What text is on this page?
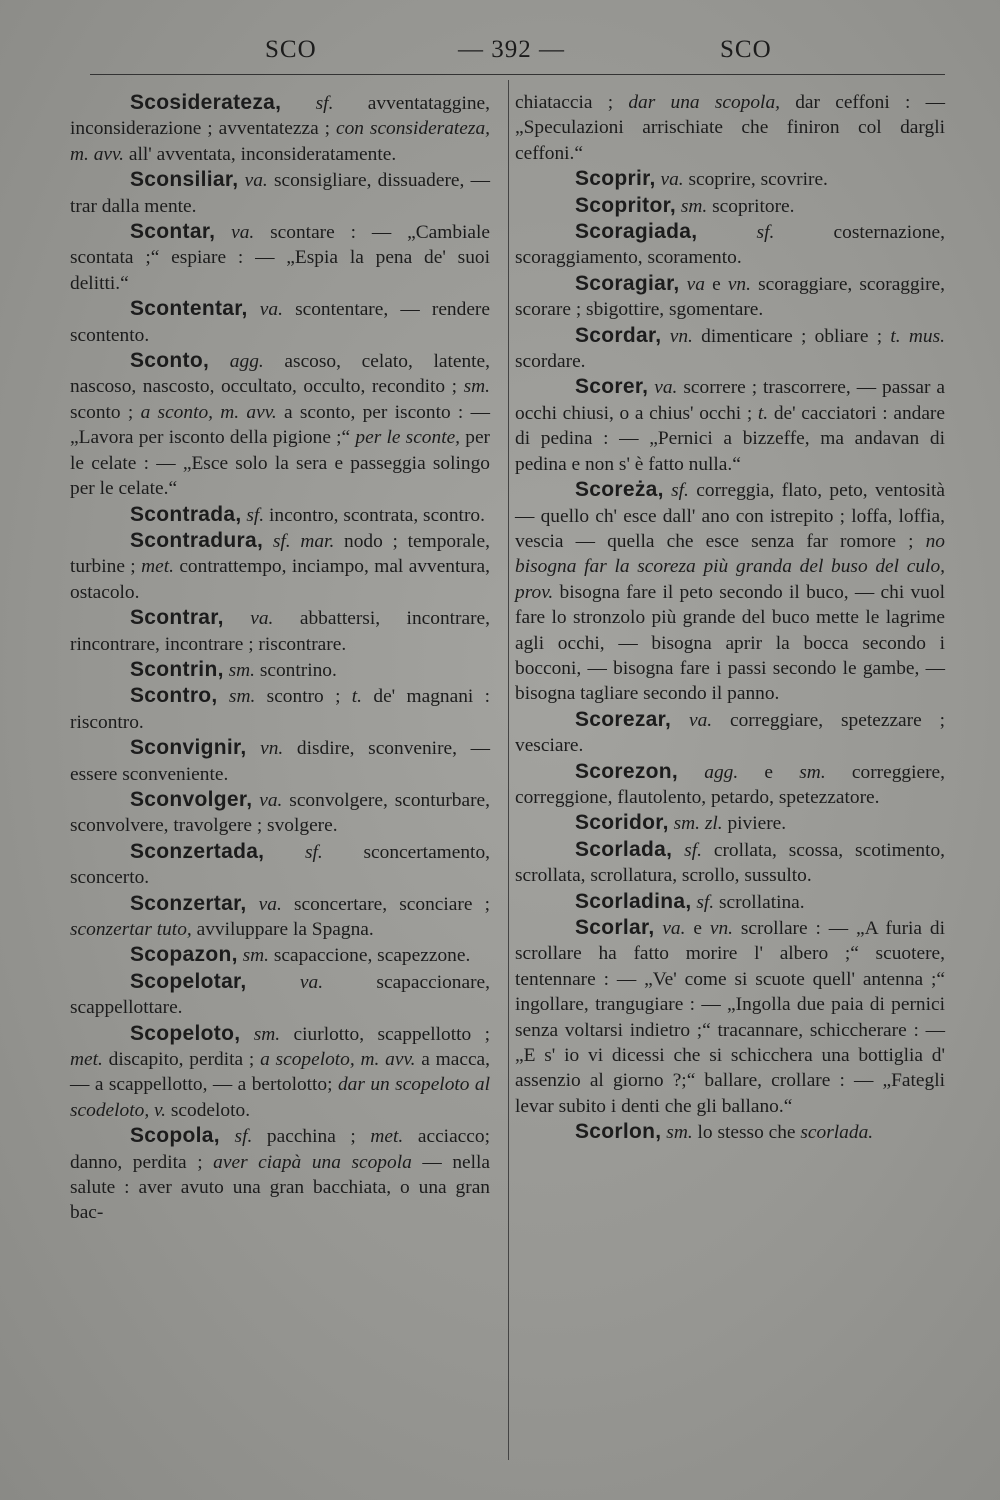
SCO	— 392 —	SCO

Scosiderateza, sf. avventataggine, inconsiderazione ; avventatezza ; con sconsiderateza, m. avv. all' avventata, inconsideratamente.

Sconsiliar, va. sconsigliare, dissuadere, — trar dalla mente.

Scontar, va. scontare : — „Cambiale scontata ;“ espiare : — „Espia la pena de' suoi delitti.“

Scontentar, va. scontentare, — rendere scontento.

Sconto, agg. ascoso, celato, latente, nascoso, nascosto, occultato, occulto, recondito ; sm. sconto ; a sconto, m. avv. a sconto, per isconto : — „Lavora per isconto della pigione ;“ per le sconte, per le celate : — „Esce solo la sera e passeggia solingo per le celate.“

Scontrada, sf. incontro, scontrata, scontro.

Scontradura, sf. mar. nodo ; temporale, turbine ; met. contrattempo, inciampo, mal avventura, ostacolo.

Scontrar, va. abbattersi, incontrare, rincontrare, incontrare ; riscontrare.

Scontrin, sm. scontrino.

Scontro, sm. scontro ; t. de' magnani : riscontro.

Sconvignir, vn. disdire, sconvenire, — essere sconveniente.

Sconvolger, va. sconvolgere, sconturbare, sconvolvere, travolgere ; svolgere.

Sconzertada, sf. sconcertamento, sconcerto.

Sconzertar, va. sconcertare, sconciare ; sconzertar tuto, avviluppare la Spagna.

Scopazon, sm. scapaccione, scapezzone.

Scopelotar, va. scapaccionare, scappellottare.

Scopeloto, sm. ciurlotto, scappellotto ; met. discapito, perdita ; a scopeloto, m. avv. a macca, — a scappellotto, — a bertolotto; dar un scopeloto al scodeloto, v. scodeloto.

Scopola, sf. pacchina ; met. acciacco; danno, perdita ; aver ciapà una scopola — nella salute : aver avuto una gran bacchiata, o una gran bac-

chiataccia ; dar una scopola, dar ceffoni : — „Speculazioni arrischiate che finiron col dargli ceffoni.“

Scoprir, va. scoprire, scovrire.

Scopritor, sm. scopritore.

Scoragiada, sf. costernazione, scoraggiamento, scoramento.

Scoragiar, va e vn. scoraggiare, scoraggire, scorare ; sbigottire, sgomentare.

Scordar, vn. dimenticare ; obliare ; t. mus. scordare.

Scorer, va. scorrere ; trascorrere, — passar a occhi chiusi, o a chius' occhi ; t. de' cacciatori : andare di pedina : — „Pernici a bizzeffe, ma andavan di pedina e non s' è fatto nulla.“

Scoreża, sf. correggia, flato, peto, ventosità — quello ch' esce dall' ano con istrepito ; loffa, loffia, vescia — quella che esce senza far romore ; no bisogna far la scoreza più granda del buso del culo, prov. bisogna fare il peto secondo il buco, — chi vuol fare lo stronzolo più grande del buco mette le lagrime agli occhi, — bisogna aprir la bocca secondo i bocconi, — bisogna fare i passi secondo le gambe, — bisogna tagliare secondo il panno.

Scorezar, va. correggiare, spetezzare ; vesciare.

Scorezon, agg. e sm. correggiere, correggione, flautolento, petardo, spetezzatore.

Scoridor, sm. zl. piviere.

Scorlada, sf. crollata, scossa, scotimento, scrollata, scrollatura, scrollo, sussulto.

Scorladina, sf. scrollatina.

Scorlar, va. e vn. scrollare : — „A furia di scrollare ha fatto morire l' albero ;“ scuotere, tentennare : — „Ve' come si scuote quell' antenna ;“ ingollare, trangugiare : — „Ingolla due paia di pernici senza voltarsi indietro ;“ tracannare, schiccherare : — „E s' io vi dicessi che si schicchera una bottiglia d' assenzio al giorno ?;“ ballare, crollare : — „Fategli levar subito i denti che gli ballano.“

Scorlon, sm. lo stesso che scorlada.
